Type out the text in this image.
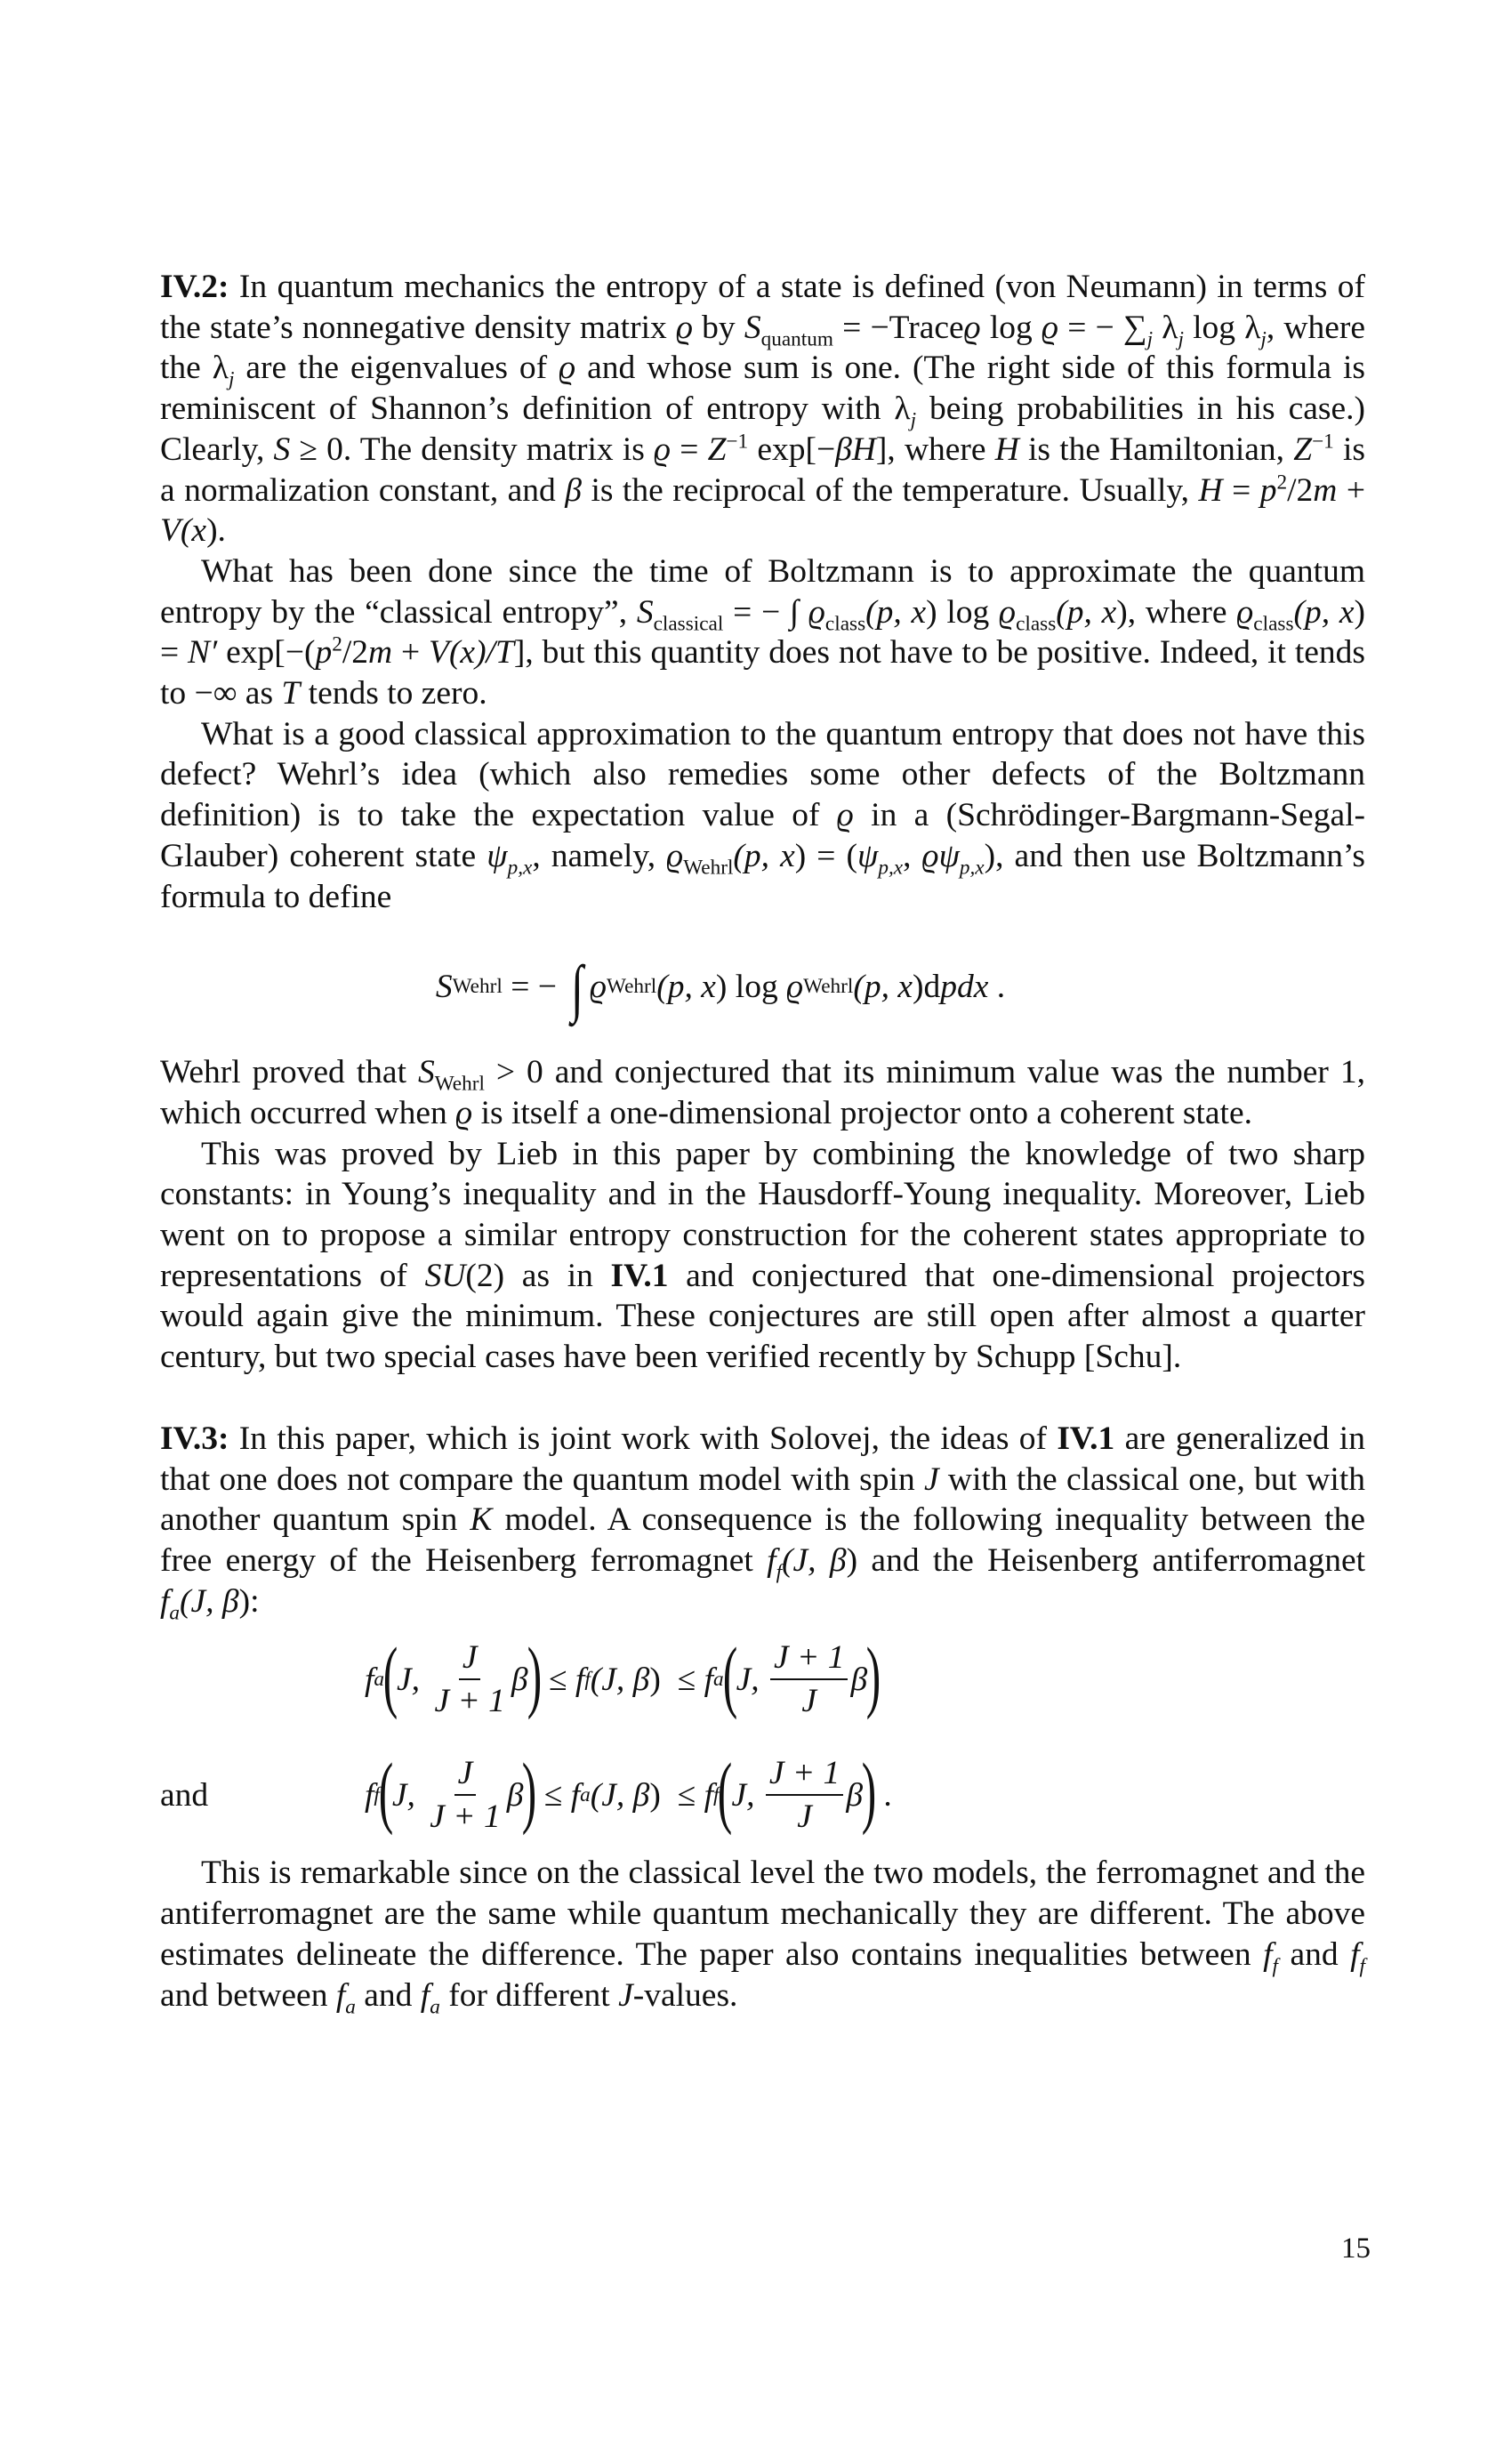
IV.2: In quantum mechanics the entropy of a state is defined (von Neumann) in terms of the state’s nonnegative density matrix ϱ by $S_{quantum}$ = −Traceϱ log ϱ = − $\sum_j$ $\lambda_j$ $\log \lambda_j$, where the $\lambda_j$ are the eigenvalues of ϱ and whose sum is one. (The right side of this formula is reminiscent of Shannon’s definition of entropy with $\lambda_j$ being probabilities in his case.) Clearly, S ≥ 0. The density matrix is $ϱ = Z^{-1}$ exp[−βH], where H is the Hamiltonian, $Z^{-1}$ is a normalization constant, and β is the reciprocal of the temperature. Usually, $H = p^2/2m + V(x)$.

What has been done since the time of Boltzmann is to approximate the quantum entropy by the “classical entropy”, $S_{classical}$ = − ∫ $ϱ_{class}(p$, x) $\log ϱ_{class}(p$, x), where $ϱ_{class}(p$, x) = N′ $\exp[-(p^2/2m + V(x)/T]$, but this quantity does not have to be positive. Indeed, it tends to −∞ as T tends to zero.

What is a good classical approximation to the quantum entropy that does not have this defect? Wehrl’s idea (which also remedies some other defects of the Boltzmann definition) is to take the expectation value of ϱ in a (Schrödinger-Bargmann-Segal-Glauber) coherent state $\psi_{p,x}$, namely, $ϱ_{Wehrl}(p$, $x) = (\psi_{p,x}$, $ϱ\psi_{p,x}$), and then use Boltzmann’s formula to define

S Wehrl = − ∫ ϱ Wehrl (p, x ) log ϱ Wehrl (p, x )d pdx .

Wehrl proved that $S_{Wehrl} > 0$ and conjectured that its minimum value was the number 1, which occurred when ϱ is itself a one-dimensional projector onto a coherent state.

This was proved by Lieb in this paper by combining the knowledge of two sharp constants: in Young’s inequality and in the Hausdorff-Young inequality. Moreover, Lieb went on to propose a similar entropy construction for the coherent states appropriate to representations of SU(2) as in IV.1 and conjectured that one-dimensional projectors would again give the minimum. These conjectures are still open after almost a quarter century, but two special cases have been verified recently by Schupp [Schu].

IV.3: In this paper, which is joint work with Solovej, the ideas of IV.1 are generalized in that one does not compare the quantum model with spin J with the classical one, but with another quantum spin K model. A consequence is the following inequality between the free energy of the Heisenberg ferromagnet $f_f(J$, β) and the Heisenberg antiferromagnet $f_a(J$, β):

f a
(
J,
$\frac{J}{J + 1}$ β
)
≤
f f (J, β ) ≤
f a
(
J,
$\frac{J + 1}{J}$ β
)
and	f f
(
J,
$\frac{J}{J + 1}$ β
)
≤
f a (J, β ) ≤
f f
(
J,
$\frac{J + 1}{J}$ β
)
.

This is remarkable since on the classical level the two models, the ferromagnet and the antiferromagnet are the same while quantum mechanically they are different. The above estimates delineate the difference. The paper also contains inequalities between $f_f$ and $f_f$ and between $f_a$ and $f_a$ for different J-values.

15
